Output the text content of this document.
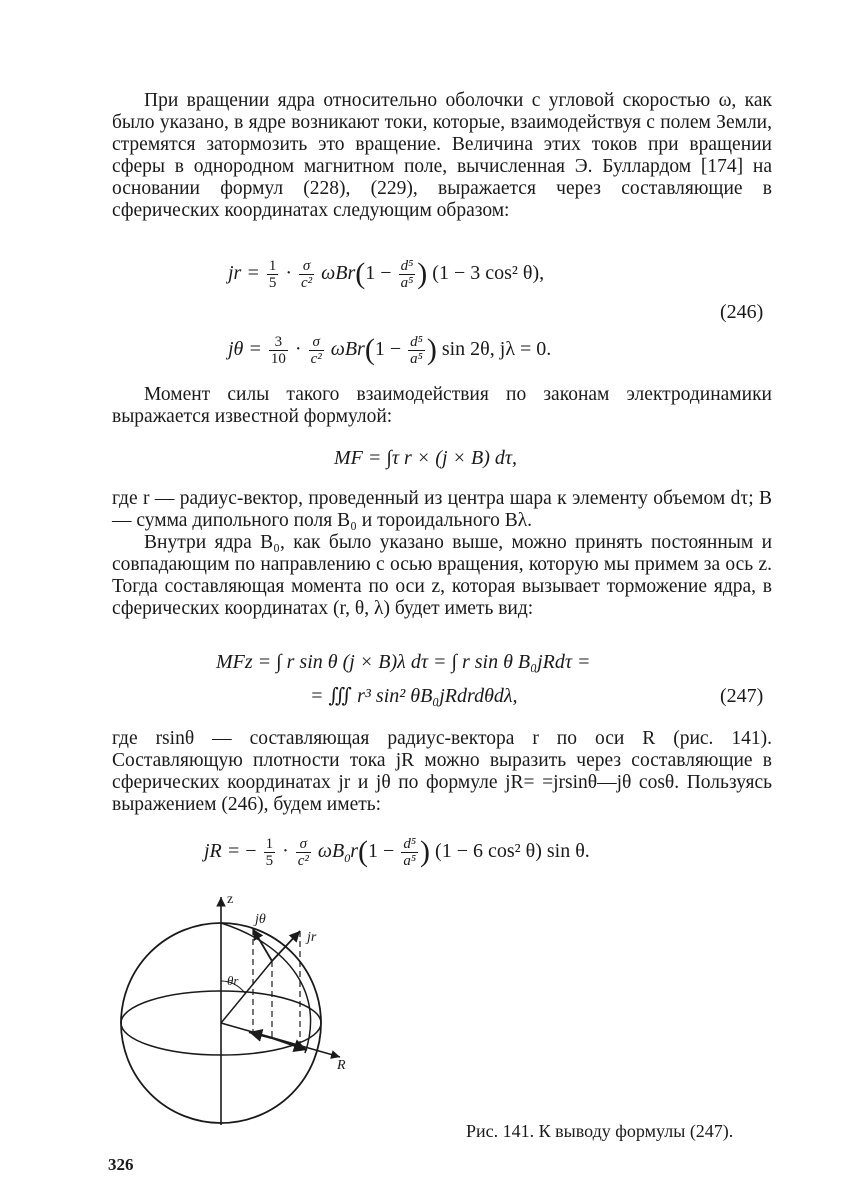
При вращении ядра относительно оболочки с угловой скоростью ω, как было указано, в ядре возникают токи, которые, взаимодействуя с полем Земли, стремятся затормозить это вращение. Величина этих токов при вращении сферы в однородном магнитном поле, вычисленная Э. Буллардом [174] на основании формул (228), (229), выражается через составляющие в сферических координатах следующим образом:

jr = $\frac{1}{5} \cdot \frac{\sigma}{\text{c²}} \omega Br(1 - \frac{\text{d⁵}}{\text{a⁵}}$ ) (1 − 3 cos² θ),
(246)
$j\theta = \frac{3}{10} \cdot \frac{\sigma}{\text{c²}} \omega Br(1 - \frac{\text{d⁵}}{\text{a⁵}}$ ) sin 2θ, jλ = 0.

Момент силы такого взаимодействия по законам электродинамики выражается известной формулой:

MF = ∫τ r × (j × B) dτ,

где r — радиус-вектор, проведенный из центра шара к элементу объемом dτ; B — сумма дипольного поля B₀ и тороидального Bλ.

Внутри ядра B₀, как было указано выше, можно принять постоянным и совпадающим по направлению с осью вращения, которую мы примем за ось z. Тогда составляющая момента по оси z, которая вызывает торможение ядра, в сферических координатах (r, θ, λ) будет иметь вид:

MFz = ∫ r sin θ (j × B)λ dτ = ∫ r sin θ B₀jRdτ =
= ∭ r³ sin² θB₀jRdrdθdλ,	(247)

где rsinθ — составляющая радиус-вектора r по оси R (рис. 141). Составляющую плотности тока jR можно выразить через составляющие в сферических координатах jr и jθ по формуле jR= =jrsinθ—jθ cosθ. Пользуясь выражением (246), будем иметь:

jR = − $\frac{1}{5} \cdot \frac{\sigma}{\text{c²}} \omega B_0r(1 - \frac{\text{d⁵}}{\text{a⁵}}$ ) (1 − 6 cos² θ) sin θ.
z
jθ
jr
θr
R
Рис. 141. К выводу формулы (247).
326
